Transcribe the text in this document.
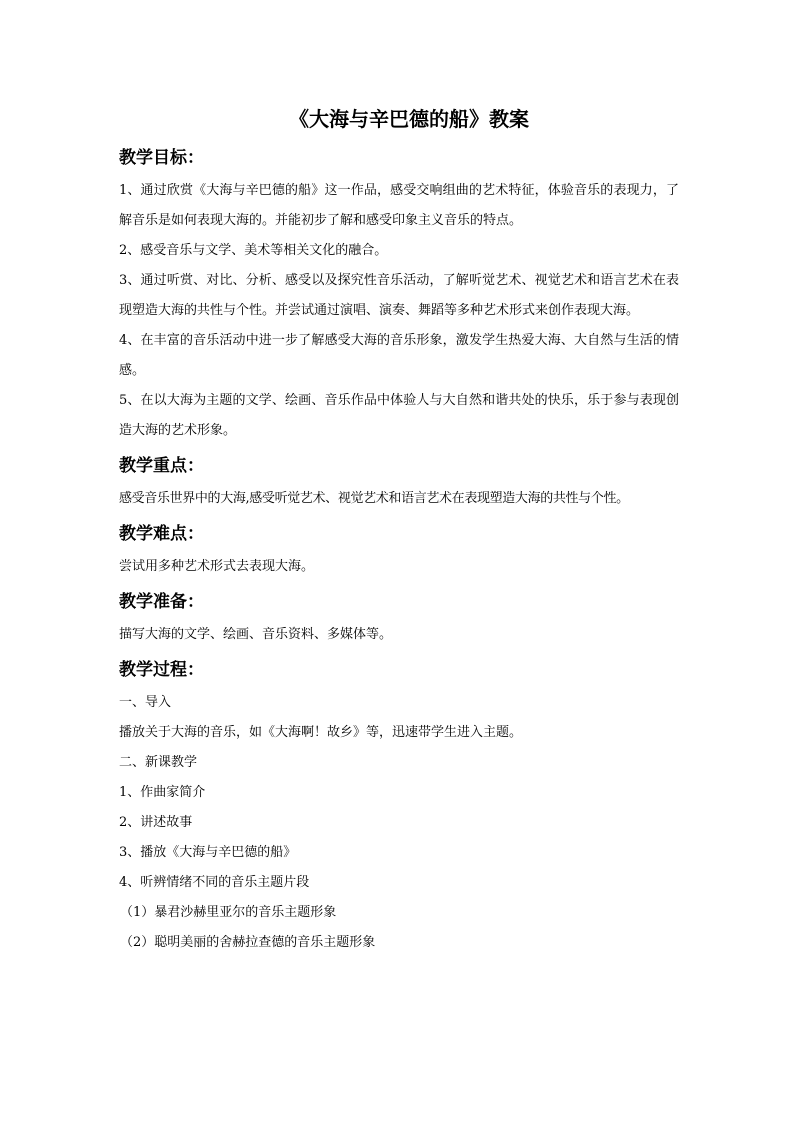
《大海与辛巴德的船》教案
教学目标：

1、通过欣赏《大海与辛巴德的船》这一作品，感受交响组曲的艺术特征，体验音乐的表现力，了解音乐是如何表现大海的。并能初步了解和感受印象主义音乐的特点。

2、感受音乐与文学、美术等相关文化的融合。

3、通过听赏、对比、分析、感受以及探究性音乐活动，了解听觉艺术、视觉艺术和语言艺术在表现塑造大海的共性与个性。并尝试通过演唱、演奏、舞蹈等多种艺术形式来创作表现大海。

4、在丰富的音乐活动中进一步了解感受大海的音乐形象，激发学生热爱大海、大自然与生活的情感。

5、在以大海为主题的文学、绘画、音乐作品中体验人与大自然和谐共处的快乐，乐于参与表现创造大海的艺术形象。

教学重点：

感受音乐世界中的大海,感受听觉艺术、视觉艺术和语言艺术在表现塑造大海的共性与个性。

教学难点：

尝试用多种艺术形式去表现大海。

教学准备：

描写大海的文学、绘画、音乐资料、多媒体等。

教学过程：

一、导入

播放关于大海的音乐，如《大海啊！故乡》等，迅速带学生进入主题。

二、新课教学

1、作曲家简介

2、讲述故事

3、播放《大海与辛巴德的船》

4、听辨情绪不同的音乐主题片段

（1）暴君沙赫里亚尔的音乐主题形象

（2）聪明美丽的舍赫拉查德的音乐主题形象
